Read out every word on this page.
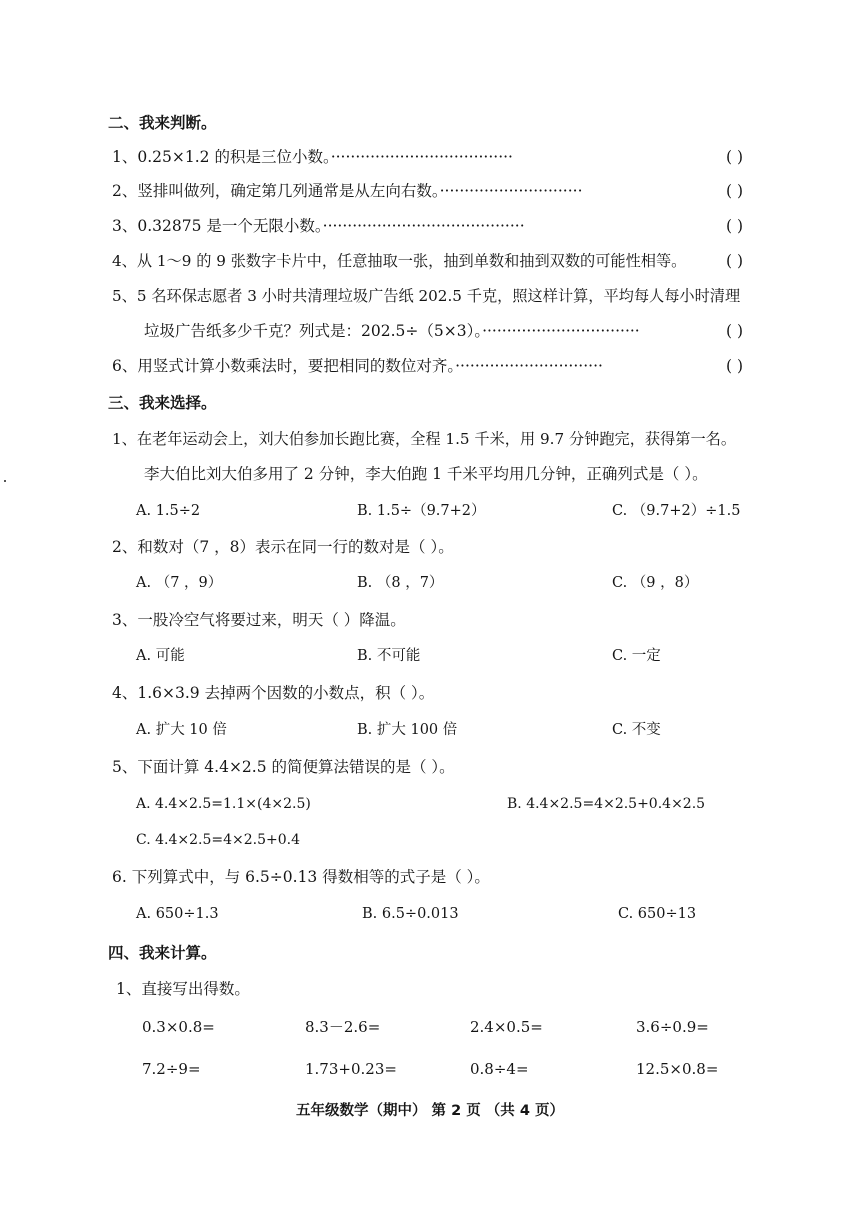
二、我来判断。
1、0.25×1.2 的积是三位小数。·····································	( )
2、竖排叫做列，确定第几列通常是从左向右数。·····························	( )
3、0.32875 是一个无限小数。·········································	( )
4、从 1～9 的 9 张数字卡片中，任意抽取一张，抽到单数和抽到双数的可能性相等。	( )
5、5 名环保志愿者 3 小时共清理垃圾广告纸 202.5 千克，照这样计算，平均每人每小时清理
垃圾广告纸多少千克？列式是：202.5÷（5×3）。································	( )
6、用竖式计算小数乘法时，要把相同的数位对齐。······························	( )
三、我来选择。
1、在老年运动会上，刘大伯参加长跑比赛，全程 1.5 千米，用 9.7 分钟跑完，获得第一名。
李大伯比刘大伯多用了 2 分钟，李大伯跑 1 千米平均用几分钟，正确列式是（ ）。
A. 1.5÷2	B. 1.5÷（9.7+2）	C. （9.7+2）÷1.5
2、和数对（7 ，8）表示在同一行的数对是（ ）。
A. （7 ，9）	B. （8 ，7）	C. （9 ，8）
3、一股冷空气将要过来，明天（ ）降温。
A. 可能	B. 不可能	C. 一定
4、1.6×3.9 去掉两个因数的小数点，积（ ）。
A. 扩大 10 倍	B. 扩大 100 倍	C. 不变
5、下面计算 4.4×2.5 的简便算法错误的是（ ）。
A. 4.4×2.5=1.1×(4×2.5)	B. 4.4×2.5=4×2.5+0.4×2.5
C. 4.4×2.5=4×2.5+0.4
6. 下列算式中，与 6.5÷0.13 得数相等的式子是（ ）。
A. 650÷1.3	B. 6.5÷0.013	C. 650÷13
四、我来计算。
1、直接写出得数。
0.3×0.8=	8.3－2.6=	2.4×0.5=	3.6÷0.9=
7.2÷9=	1.73+0.23=	0.8÷4=	12.5×0.8=
五年级数学（期中） 第 2 页 （共 4 页）
